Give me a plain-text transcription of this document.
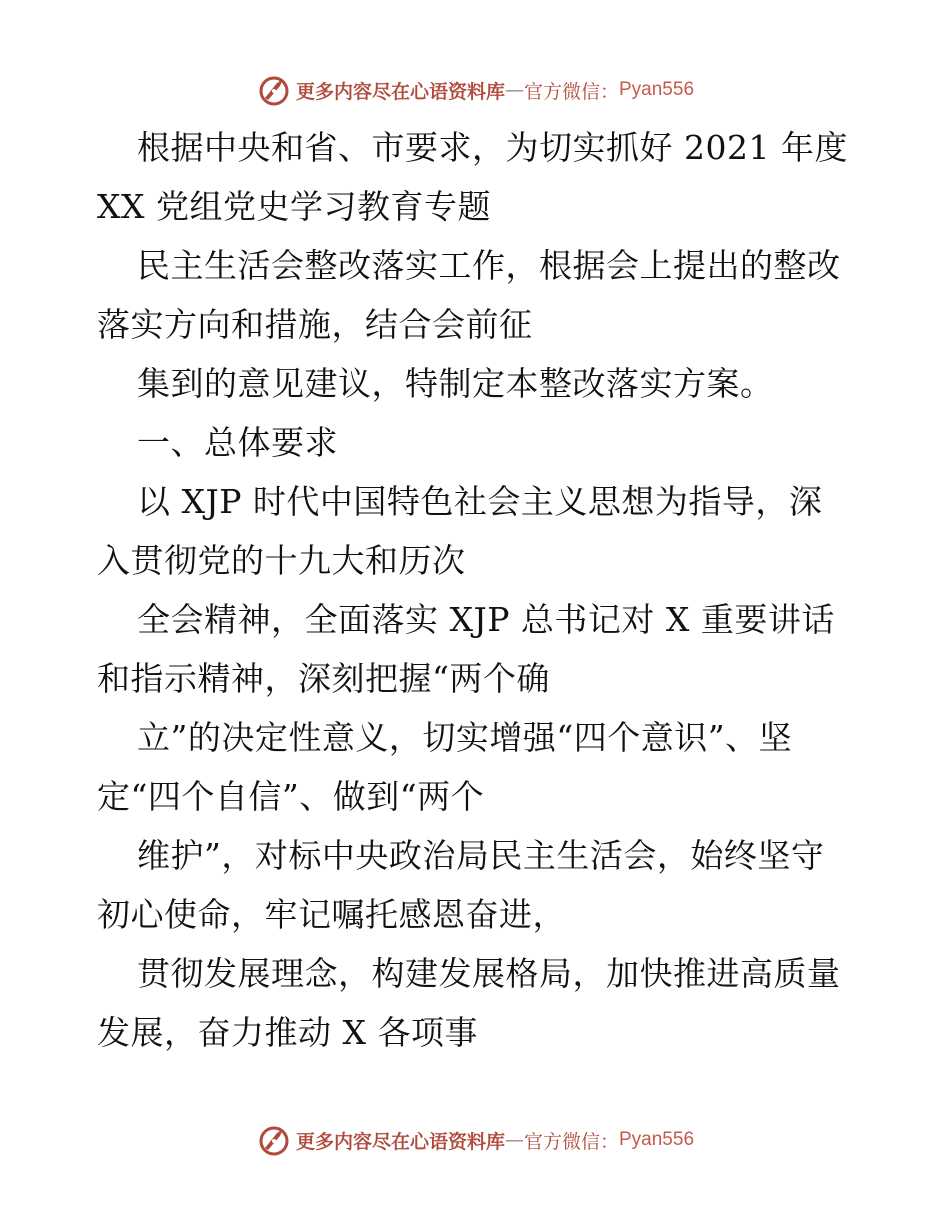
更多内容尽在心语资料库 — 官方微信： Pyan556

根据中央和省、市要求，为切实抓好 2021 年度
XX 党组党史学习教育专题

民主生活会整改落实工作，根据会上提出的整改
落实方向和措施，结合会前征

集到的意见建议，特制定本整改落实方案。

一、总体要求

以 XJP 时代中国特色社会主义思想为指导，深
入贯彻党的十九大和历次

全会精神，全面落实 XJP 总书记对 X 重要讲话
和指示精神，深刻把握“两个确

立”的决定性意义，切实增强“四个意识”、坚
定“四个自信”、做到“两个

维护”，对标中央政治局民主生活会，始终坚守
初心使命，牢记嘱托感恩奋进，

贯彻发展理念，构建发展格局，加快推进高质量
发展，奋力推动 X 各项事

更多内容尽在心语资料库 — 官方微信： Pyan556
